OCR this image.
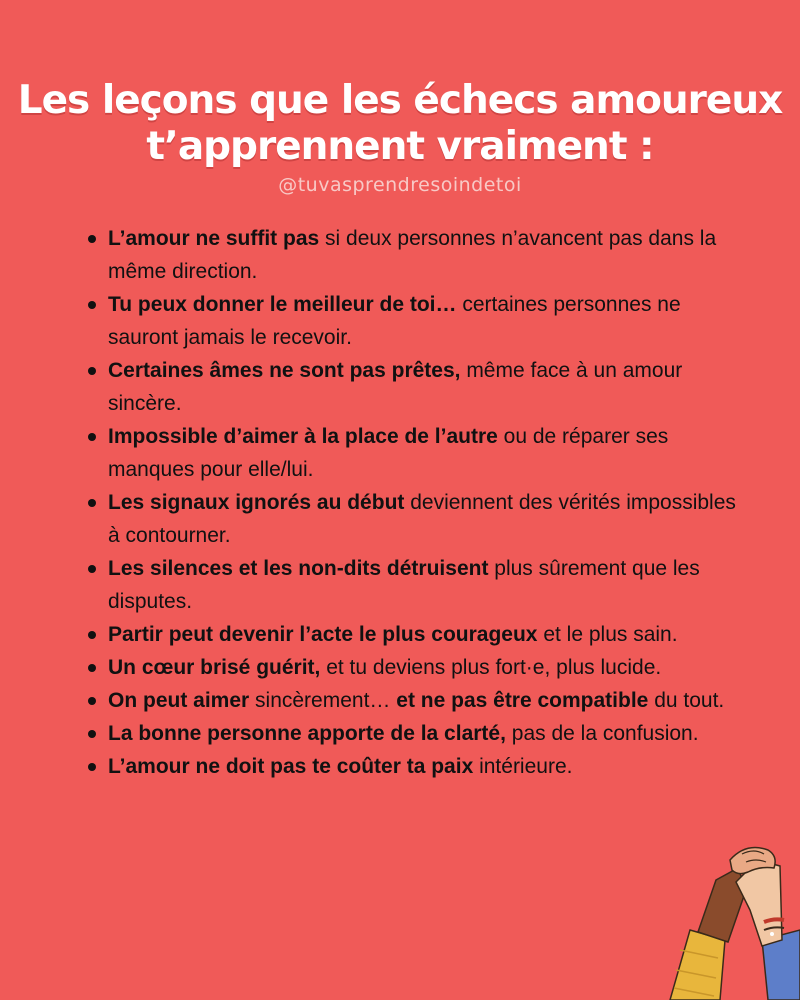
Les leçons que les échecs amoureux
t’apprennent vraiment :
@tuvasprendresoindetoi
L’amour ne suffit pas si deux personnes n’avancent pas dans la même direction.
Tu peux donner le meilleur de toi… certaines personnes ne sauront jamais le recevoir.
Certaines âmes ne sont pas prêtes, même face à un amour sincère.
Impossible d’aimer à la place de l’autre ou de réparer ses manques pour elle/lui.
Les signaux ignorés au début deviennent des vérités impossibles à contourner.
Les silences et les non-dits détruisent plus sûrement que les disputes.
Partir peut devenir l’acte le plus courageux et le plus sain.
Un cœur brisé guérit, et tu deviens plus fort·e, plus lucide.
On peut aimer sincèrement… et ne pas être compatible du tout.
La bonne personne apporte de la clarté, pas de la confusion.
L’amour ne doit pas te coûter ta paix intérieure.
